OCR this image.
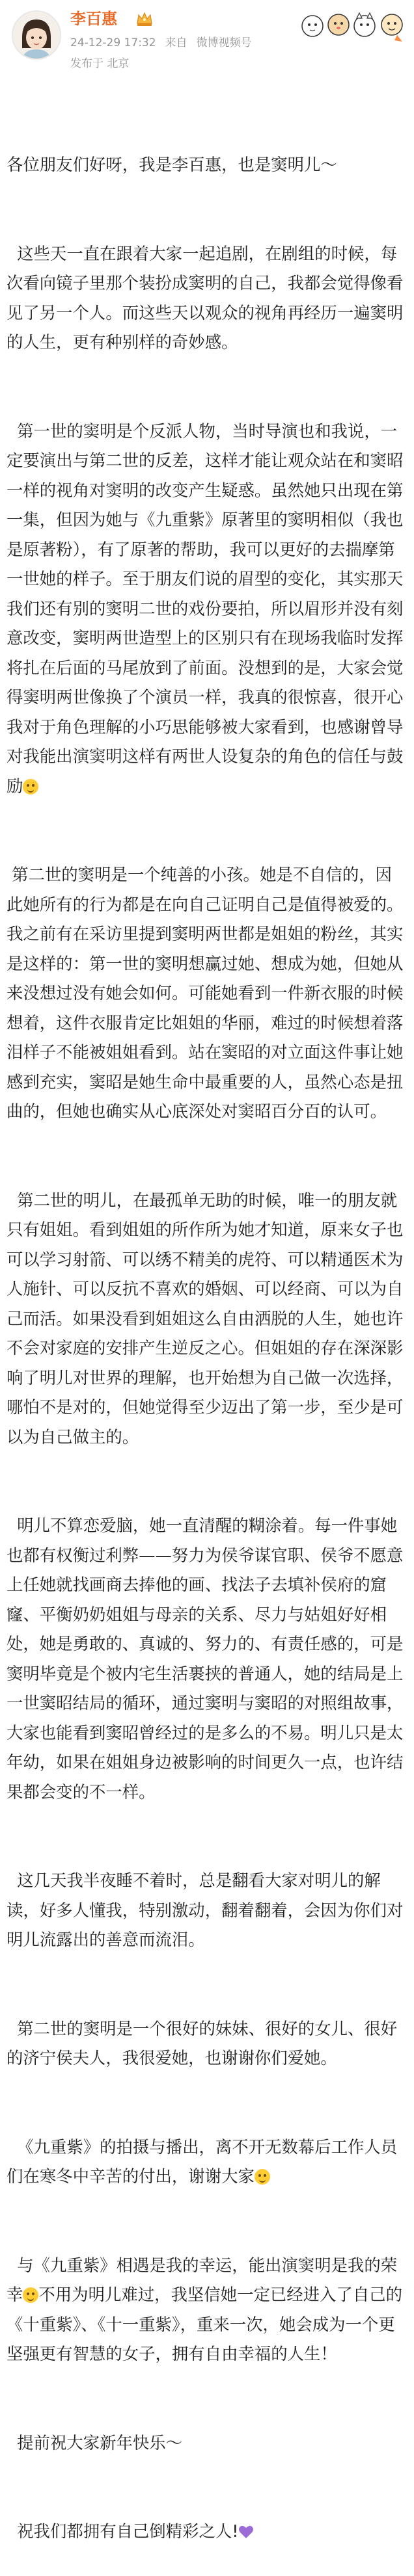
李百惠
24-12-29 17:32 来自 微博视频号
发布于 北京

各位朋友们好呀，我是李百惠，也是窦明儿～

这些天一直在跟着大家一起追剧，在剧组的时候，每次看向镜子里那个装扮成窦明的自己，我都会觉得像看见了另一个人。而这些天以观众的视角再经历一遍窦明的人生，更有种别样的奇妙感。

第一世的窦明是个反派人物，当时导演也和我说，一定要演出与第二世的反差，这样才能让观众站在和窦昭一样的视角对窦明的改变产生疑惑。虽然她只出现在第一集，但因为她与《九重紫》原著里的窦明相似（我也是原著粉），有了原著的帮助，我可以更好的去揣摩第一世她的样子。至于朋友们说的眉型的变化，其实那天我们还有别的窦明二世的戏份要拍，所以眉形并没有刻意改变，窦明两世造型上的区别只有在现场我临时发挥将扎在后面的马尾放到了前面。没想到的是，大家会觉得窦明两世像换了个演员一样，我真的很惊喜，很开心我对于角色理解的小巧思能够被大家看到，也感谢曾导对我能出演窦明这样有两世人设复杂的角色的信任与鼓励

第二世的窦明是一个纯善的小孩。她是不自信的，因此她所有的行为都是在向自己证明自己是值得被爱的。我之前有在采访里提到窦明两世都是姐姐的粉丝，其实是这样的：第一世的窦明想赢过她、想成为她，但她从来没想过没有她会如何。可能她看到一件新衣服的时候想着，这件衣服肯定比姐姐的华丽，难过的时候想着落泪样子不能被姐姐看到。站在窦昭的对立面这件事让她感到充实，窦昭是她生命中最重要的人，虽然心态是扭曲的，但她也确实从心底深处对窦昭百分百的认可。

第二世的明儿，在最孤单无助的时候，唯一的朋友就只有姐姐。看到姐姐的所作所为她才知道，原来女子也可以学习射箭、可以绣不精美的虎符、可以精通医术为人施针、可以反抗不喜欢的婚姻、可以经商、可以为自己而活。如果没看到姐姐这么自由洒脱的人生，她也许不会对家庭的安排产生逆反之心。但姐姐的存在深深影响了明儿对世界的理解，也开始想为自己做一次选择，哪怕不是对的，但她觉得至少迈出了第一步，至少是可以为自己做主的。

明儿不算恋爱脑，她一直清醒的糊涂着。每一件事她也都有权衡过利弊——努力为侯爷谋官职、侯爷不愿意上任她就找画商去捧他的画、找法子去填补侯府的窟窿、平衡奶奶姐姐与母亲的关系、尽力与姑姐好好相处，她是勇敢的、真诚的、努力的、有责任感的，可是窦明毕竟是个被内宅生活裹挟的普通人，她的结局是上一世窦昭结局的循环，通过窦明与窦昭的对照组故事，大家也能看到窦昭曾经过的是多么的不易。明儿只是太年幼，如果在姐姐身边被影响的时间更久一点，也许结果都会变的不一样。

这几天我半夜睡不着时，总是翻看大家对明儿的解读，好多人懂我，特别激动，翻着翻着，会因为你们对明儿流露出的善意而流泪。

第二世的窦明是一个很好的妹妹、很好的女儿、很好的济宁侯夫人，我很爱她，也谢谢你们爱她。

《九重紫》的拍摄与播出，离不开无数幕后工作人员们在寒冬中辛苦的付出，谢谢大家

与《九重紫》相遇是我的幸运，能出演窦明是我的荣幸 不用为明儿难过，我坚信她一定已经进入了自己的《十重紫》、《十一重紫》，重来一次，她会成为一个更坚强更有智慧的女子，拥有自由幸福的人生！

提前祝大家新年快乐～

祝我们都拥有自己倒精彩之人!
